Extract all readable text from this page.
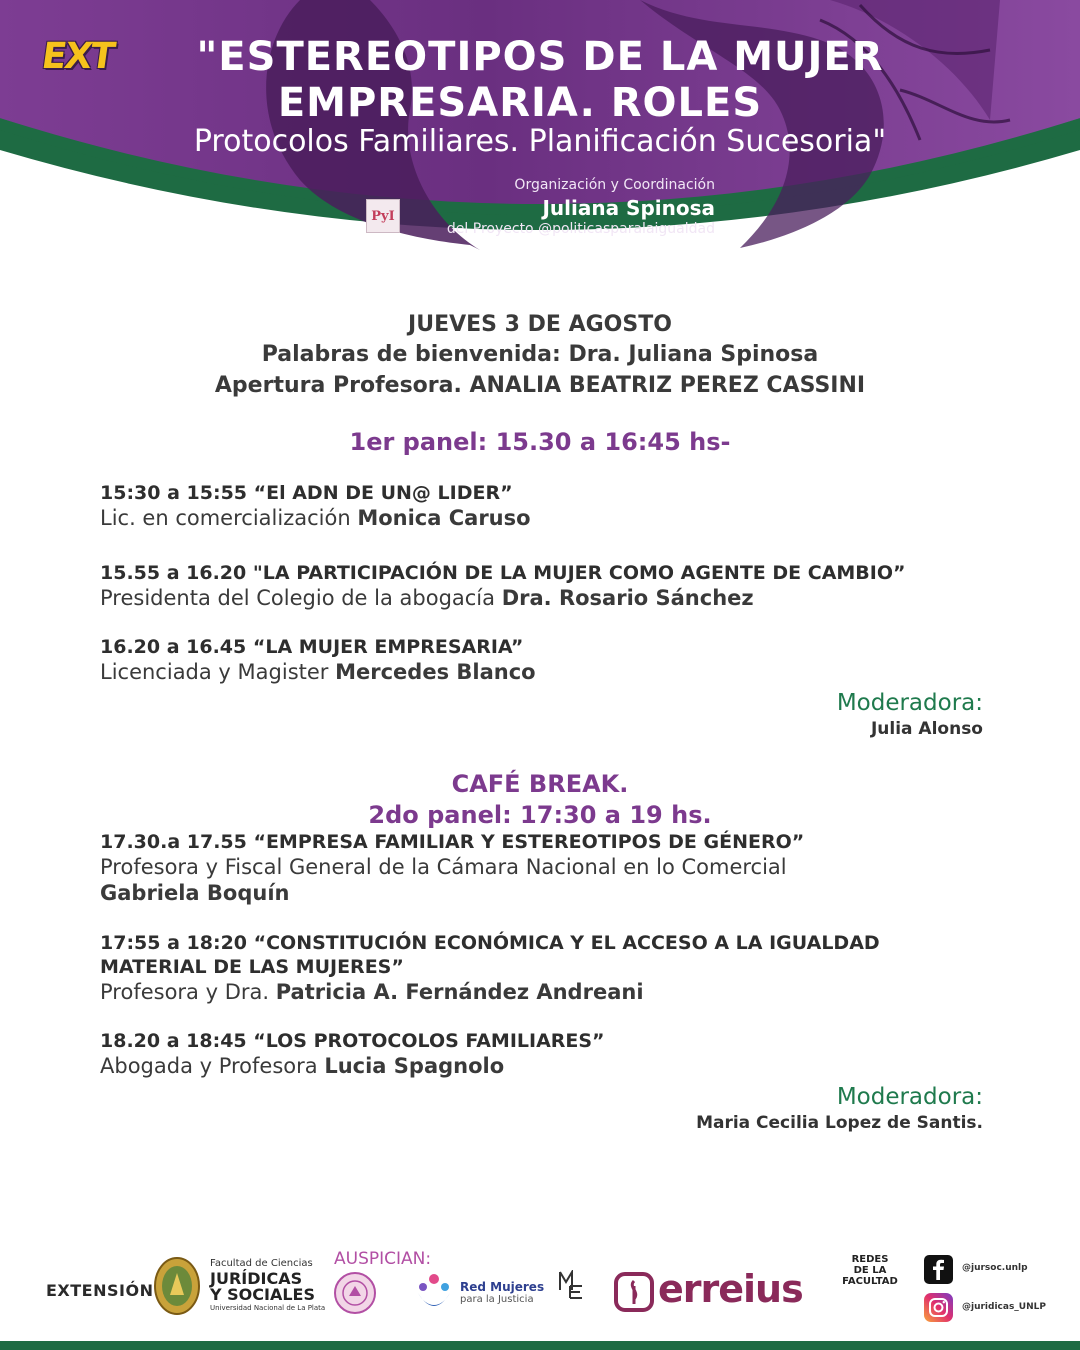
EXT	"ESTEREOTIPOS DE LA MUJER
EMPRESARIA. ROLES
Protocolos Familiares. Planificación Sucesoria"
Organización y Coordinación
Juliana Spinosa
del Proyecto @politicasparalaigualdad
PyI
JUEVES 3 DE AGOSTO
Palabras de bienvenida: Dra. Juliana Spinosa
Apertura Profesora. ANALIA BEATRIZ PEREZ CASSINI
1er panel: 15.30 a 16:45 hs-
15:30 a 15:55 “El ADN DE UN@ LIDER”
Lic. en comercialización Monica Caruso
15.55 a 16.20 "LA PARTICIPACIÓN DE LA MUJER COMO AGENTE DE CAMBIO”
Presidenta del Colegio de la abogacía Dra. Rosario Sánchez
16.20 a 16.45 “LA MUJER EMPRESARIA”
Licenciada y Magister Mercedes Blanco
Moderadora:
Julia Alonso
CAFÉ BREAK.
2do panel: 17:30 a 19 hs.
17.30.a 17.55 “EMPRESA FAMILIAR Y ESTEREOTIPOS DE GÉNERO”
Profesora y Fiscal General de la Cámara Nacional en lo Comercial
Gabriela Boquín
17:55 a 18:20 “CONSTITUCIÓN ECONÓMICA Y EL ACCESO A LA IGUALDAD
MATERIAL DE LAS MUJERES”
Profesora y Dra. Patricia A. Fernández Andreani
18.20 a 18:45 “LOS PROTOCOLOS FAMILIARES”
Abogada y Profesora Lucia Spagnolo
Moderadora:
Maria Cecilia Lopez de Santis.
EXTENSIÓN
Facultad de Ciencias
JURÍDICAS
Y SOCIALES
Universidad Nacional de La Plata
AUSPICIAN:
Red Mujeres
para la Justicia	erreius
REDES
DE LA
FACULTAD
@jursoc.unlp
@juridicas_UNLP
